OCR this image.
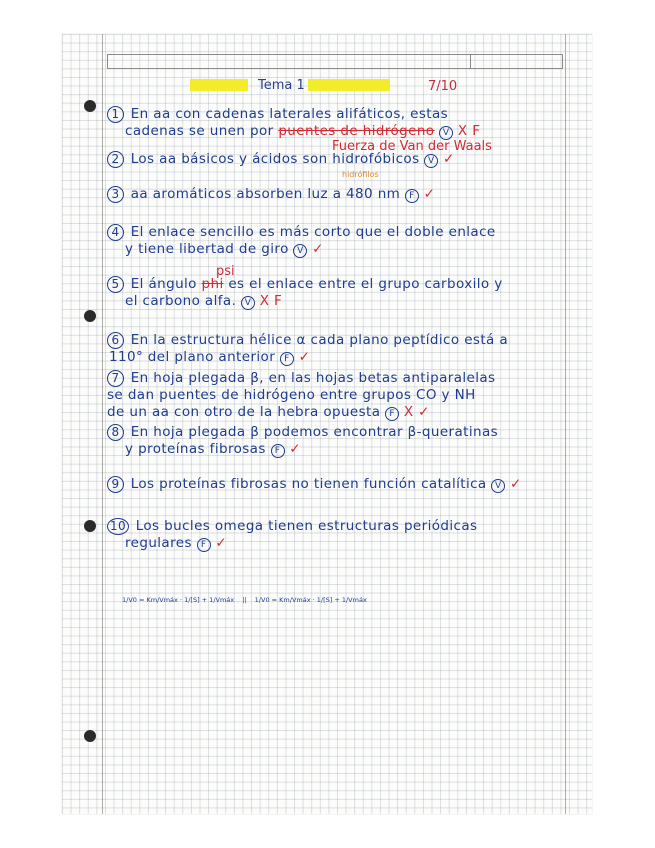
Tema 1	7/10
1 En aa con cadenas laterales alifáticos, estas
cadenas se unen por puentes de hidrógeno V X F
Fuerza de Van der Waals
2 Los aa básicos y ácidos son hidrofóbicos V ✓
hidrófilos
3 aa aromáticos absorben luz a 480 nm F ✓
4 El enlace sencillo es más corto que el doble enlace
y tiene libertad de giro V ✓
psi
5 El ángulo phi es el enlace entre el grupo carboxilo y
el carbono alfa. V X F
6 En la estructura hélice α cada plano peptídico está a
110° del plano anterior F ✓
7 En hoja plegada β, en las hojas betas antiparalelas
se dan puentes de hidrógeno entre grupos CO y NH
de un aa con otro de la hebra opuesta F X ✓
8 En hoja plegada β podemos encontrar β-queratinas
y proteínas fibrosas F ✓
9 Los proteínas fibrosas no tienen función catalítica V ✓
10 Los bucles omega tienen estructuras periódicas
regulares F ✓
1/V0 = Km/Vmáx · 1/[S] + 1/Vmáx || 1/V0 = Km/Vmáx · 1/[S] + 1/Vmáx
